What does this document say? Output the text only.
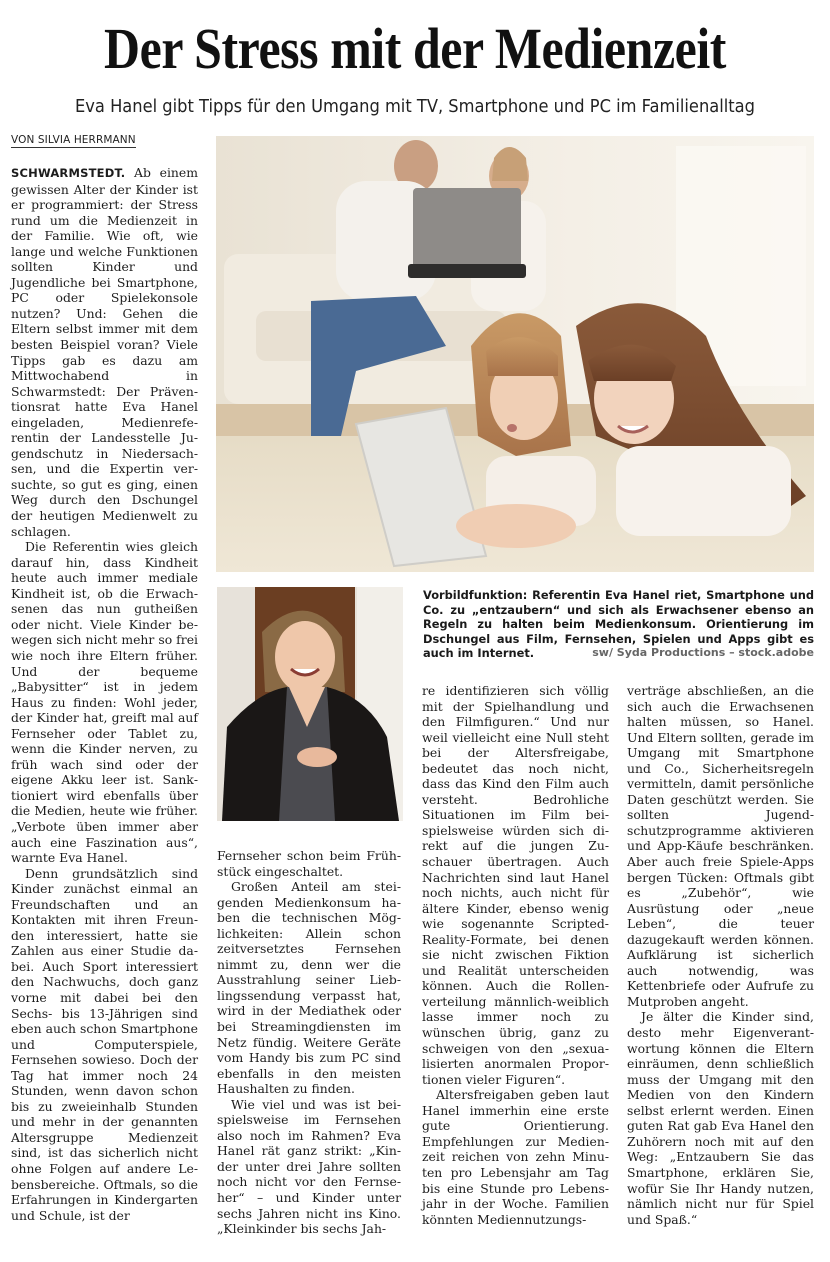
Der Stress mit der Medienzeit
Eva Hanel gibt Tipps für den Umgang mit TV, Smartphone und PC im Familienalltag
VON SILVIA HERRMANN

SCHWARMSTEDT. Ab einem gewissen Alter der Kinder ist er programmiert: der Stress rund um die Medienzeit in der Familie. Wie oft, wie lange und welche Funktionen sollten Kinder und Jugendliche bei Smartphone, PC oder Spielekonsole nutzen? Und: Gehen die Eltern selbst immer mit dem besten Beispiel voran? Viele Tipps gab es dazu am Mittwochabend in Schwarmstedt: Der Präventionsrat hatte Eva Hanel eingeladen, Medienreferentin der Landesstelle Jugendschutz in Niedersachsen, und die Expertin versuchte, so gut es ging, einen Weg durch den Dschungel der heutigen Medienwelt zu schlagen.

Die Referentin wies gleich darauf hin, dass Kindheit heute auch immer mediale Kindheit ist, ob die Erwachsenen das nun gutheißen oder nicht. Viele Kinder bewegen sich nicht mehr so frei wie noch ihre Eltern früher. Und der bequeme „Babysitter“ ist in jedem Haus zu finden: Wohl jeder, der Kinder hat, greift mal auf Fernseher oder Tablet zu, wenn die Kinder nerven, zu früh wach sind oder der eigene Akku leer ist. Sanktioniert wird ebenfalls über die Medien, heute wie früher. „Verbote üben immer aber auch eine Faszination aus“, warnte Eva Hanel.

Denn grundsätzlich sind Kinder zunächst einmal an Freundschaften und an Kontakten mit ihren Freunden interessiert, hatte sie Zahlen aus einer Studie dabei. Auch Sport interessiert den Nachwuchs, doch ganz vorne mit dabei bei den Sechs- bis 13-Jährigen sind eben auch schon Smartphone und Computerspiele, Fernsehen sowieso. Doch der Tag hat immer noch 24 Stunden, wenn davon schon bis zu zweieinhalb Stunden und mehr in der genannten Altersgruppe Medienzeit sind, ist das sicherlich nicht ohne Folgen auf andere Lebensbereiche. Oftmals, so die Erfahrungen in Kindergarten und Schule, ist der

Vorbildfunktion: Referentin Eva Hanel riet, Smartphone und Co. zu „entzaubern“ und sich als Erwachsener ebenso an Regeln zu halten beim Medienkonsum. Orientierung im Dschungel aus Film, Fernsehen, Spielen und Apps gibt es auch im Internet.	sw/ Syda Productions – stock.adobe

Fernseher schon beim Frühstück eingeschaltet.

Großen Anteil am steigenden Medienkonsum haben die technischen Möglichkeiten: Allein schon zeitversetztes Fernsehen nimmt zu, denn wer die Ausstrahlung seiner Lieblingssendung verpasst hat, wird in der Mediathek oder bei Streamingdiensten im Netz fündig. Weitere Geräte vom Handy bis zum PC sind ebenfalls in den meisten Haushalten zu finden.

Wie viel und was ist beispielsweise im Fernsehen also noch im Rahmen? Eva Hanel rät ganz strikt: „Kinder unter drei Jahre sollten noch nicht vor den Fernseher“ – und Kinder unter sechs Jahren nicht ins Kino. „Kleinkinder bis sechs Jah-

re identifizieren sich völlig mit der Spielhandlung und den Filmfiguren.“ Und nur weil vielleicht eine Null steht bei der Altersfreigabe, bedeutet das noch nicht, dass das Kind den Film auch versteht. Bedrohliche Situationen im Film beispielsweise würden sich direkt auf die jungen Zuschauer übertragen. Auch Nachrichten sind laut Hanel noch nichts, auch nicht für ältere Kinder, ebenso wenig wie sogenannte Scripted-Reality-Formate, bei denen sie nicht zwischen Fiktion und Realität unterscheiden können. Auch die Rollenverteilung männlich-weiblich lasse immer noch zu wünschen übrig, ganz zu schweigen von den „sexualisierten anormalen Proportionen vieler Figuren“.

Altersfreigaben geben laut Hanel immerhin eine erste gute Orientierung. Empfehlungen zur Medienzeit reichen von zehn Minuten pro Lebensjahr am Tag bis eine Stunde pro Lebensjahr in der Woche. Familien könnten Mediennutzungs-

verträge abschließen, an die sich auch die Erwachsenen halten müssen, so Hanel. Und Eltern sollten, gerade im Umgang mit Smartphone und Co., Sicherheitsregeln vermitteln, damit persönliche Daten geschützt werden. Sie sollten Jugendschutzprogramme aktivieren und App-Käufe beschränken. Aber auch freie Spiele-Apps bergen Tücken: Oftmals gibt es „Zubehör“, wie Ausrüstung oder „neue Leben“, die teuer dazugekauft werden können. Aufklärung ist sicherlich auch notwendig, was Kettenbriefe oder Aufrufe zu Mutproben angeht.

Je älter die Kinder sind, desto mehr Eigenverantwortung können die Eltern einräumen, denn schließlich muss der Umgang mit den Medien von den Kindern selbst erlernt werden. Einen guten Rat gab Eva Hanel den Zuhörern noch mit auf den Weg: „Entzaubern Sie das Smartphone, erklären Sie, wofür Sie Ihr Handy nutzen, nämlich nicht nur für Spiel und Spaß.“
